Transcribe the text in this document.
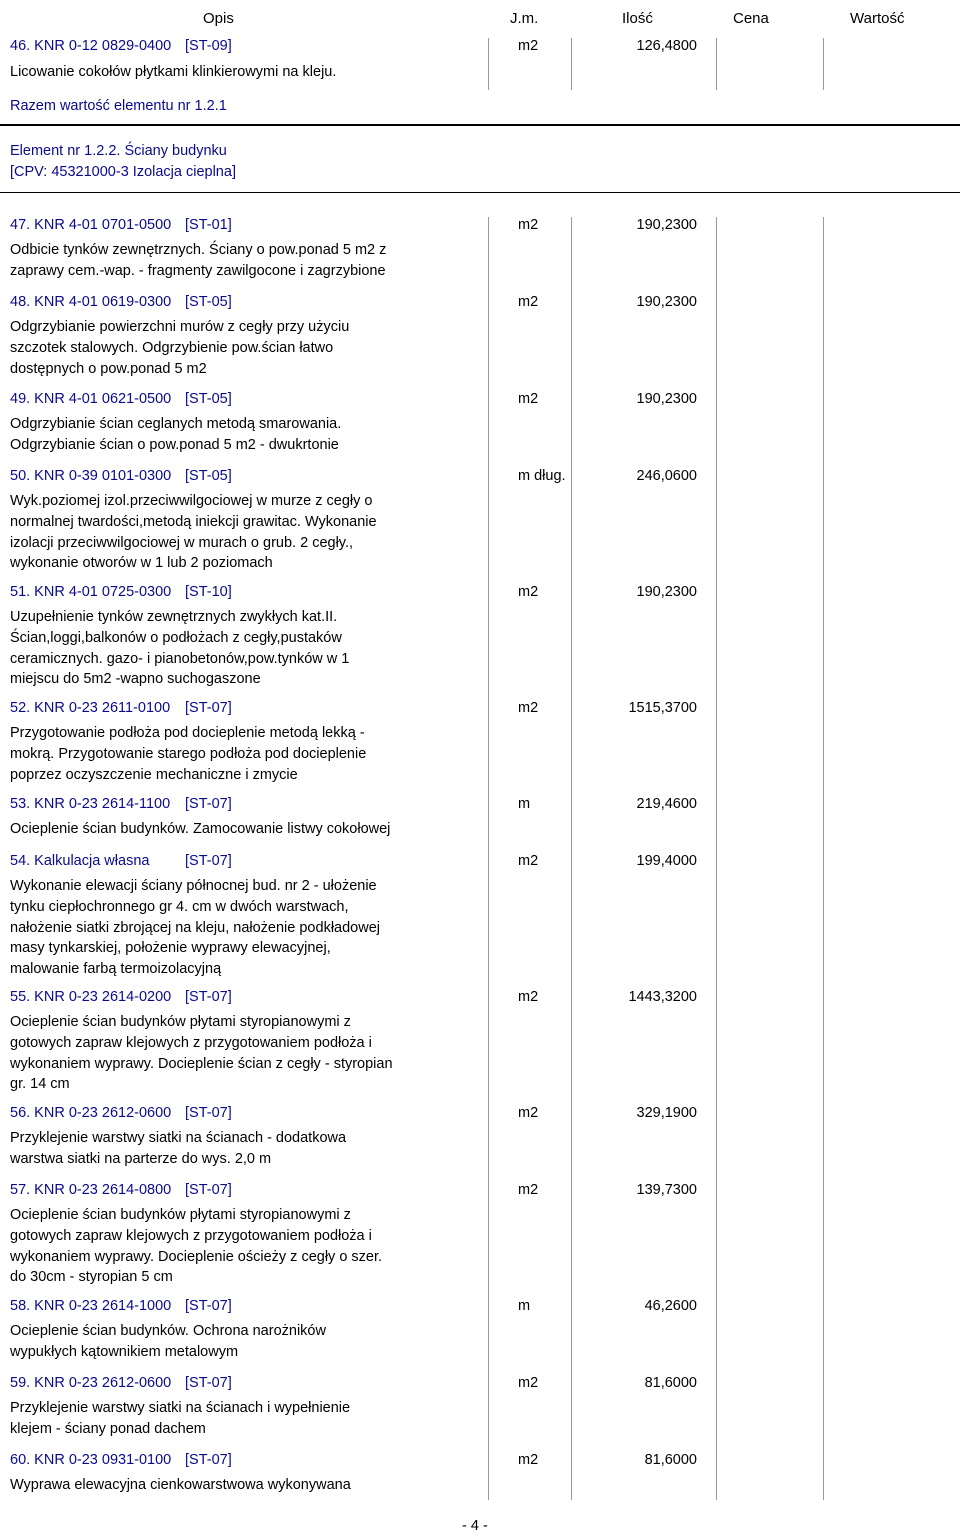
Opis	J.m.	Ilość	Cena	Wartość
46. KNR 0-12 0829-0400 [ST-09]	m2	126,4800
Licowanie cokołów płytkami klinkierowymi na kleju.
Razem wartość elementu nr 1.2.1
Element nr 1.2.2. Ściany budynku
[CPV: 45321000-3 Izolacja cieplna]
47. KNR 4-01 0701-0500 [ST-01]	m2	190,2300
Odbicie tynków zewnętrznych. Ściany o pow.ponad 5 m2 z
zaprawy cem.-wap. - fragmenty zawilgocone i zagrzybione
48. KNR 4-01 0619-0300 [ST-05]	m2	190,2300
Odgrzybianie powierzchni murów z cegły przy użyciu
szczotek stalowych. Odgrzybienie pow.ścian łatwo
dostępnych o pow.ponad 5 m2
49. KNR 4-01 0621-0500 [ST-05]	m2	190,2300
Odgrzybianie ścian ceglanych metodą smarowania.
Odgrzybianie ścian o pow.ponad 5 m2 - dwukrtonie
50. KNR 0-39 0101-0300 [ST-05]	m dług.	246,0600
Wyk.poziomej izol.przeciwwilgociowej w murze z cegły o
normalnej twardości,metodą iniekcji grawitac. Wykonanie
izolacji przeciwwilgociowej w murach o grub. 2 cegły.,
wykonanie otworów w 1 lub 2 poziomach
51. KNR 4-01 0725-0300 [ST-10]	m2	190,2300
Uzupełnienie tynków zewnętrznych zwykłych kat.II.
Ścian,loggi,balkonów o podłożach z cegły,pustaków
ceramicznych. gazo- i pianobetonów,pow.tynków w 1
miejscu do 5m2 -wapno suchogaszone
52. KNR 0-23 2611-0100 [ST-07]	m2	1515,3700
Przygotowanie podłoża pod docieplenie metodą lekką -
mokrą. Przygotowanie starego podłoża pod docieplenie
poprzez oczyszczenie mechaniczne i zmycie
53. KNR 0-23 2614-1100 [ST-07]	m	219,4600
Ocieplenie ścian budynków. Zamocowanie listwy cokołowej
54. Kalkulacja własna [ST-07]	m2	199,4000
Wykonanie elewacji ściany północnej bud. nr 2 - ułożenie
tynku ciepłochronnego gr 4. cm w dwóch warstwach,
nałożenie siatki zbrojącej na kleju, nałożenie podkładowej
masy tynkarskiej, położenie wyprawy elewacyjnej,
malowanie farbą termoizolacyjną
55. KNR 0-23 2614-0200 [ST-07]	m2	1443,3200
Ocieplenie ścian budynków płytami styropianowymi z
gotowych zapraw klejowych z przygotowaniem podłoża i
wykonaniem wyprawy. Docieplenie ścian z cegły - styropian
gr. 14 cm
56. KNR 0-23 2612-0600 [ST-07]	m2	329,1900
Przyklejenie warstwy siatki na ścianach - dodatkowa
warstwa siatki na parterze do wys. 2,0 m
57. KNR 0-23 2614-0800 [ST-07]	m2	139,7300
Ocieplenie ścian budynków płytami styropianowymi z
gotowych zapraw klejowych z przygotowaniem podłoża i
wykonaniem wyprawy. Docieplenie ościeży z cegły o szer.
do 30cm - styropian 5 cm
58. KNR 0-23 2614-1000 [ST-07]	m	46,2600
Ocieplenie ścian budynków. Ochrona narożników
wypukłych kątownikiem metalowym
59. KNR 0-23 2612-0600 [ST-07]	m2	81,6000
Przyklejenie warstwy siatki na ścianach i wypełnienie
klejem - ściany ponad dachem
60. KNR 0-23 0931-0100 [ST-07]	m2	81,6000
Wyprawa elewacyjna cienkowarstwowa wykonywana
- 4 -
